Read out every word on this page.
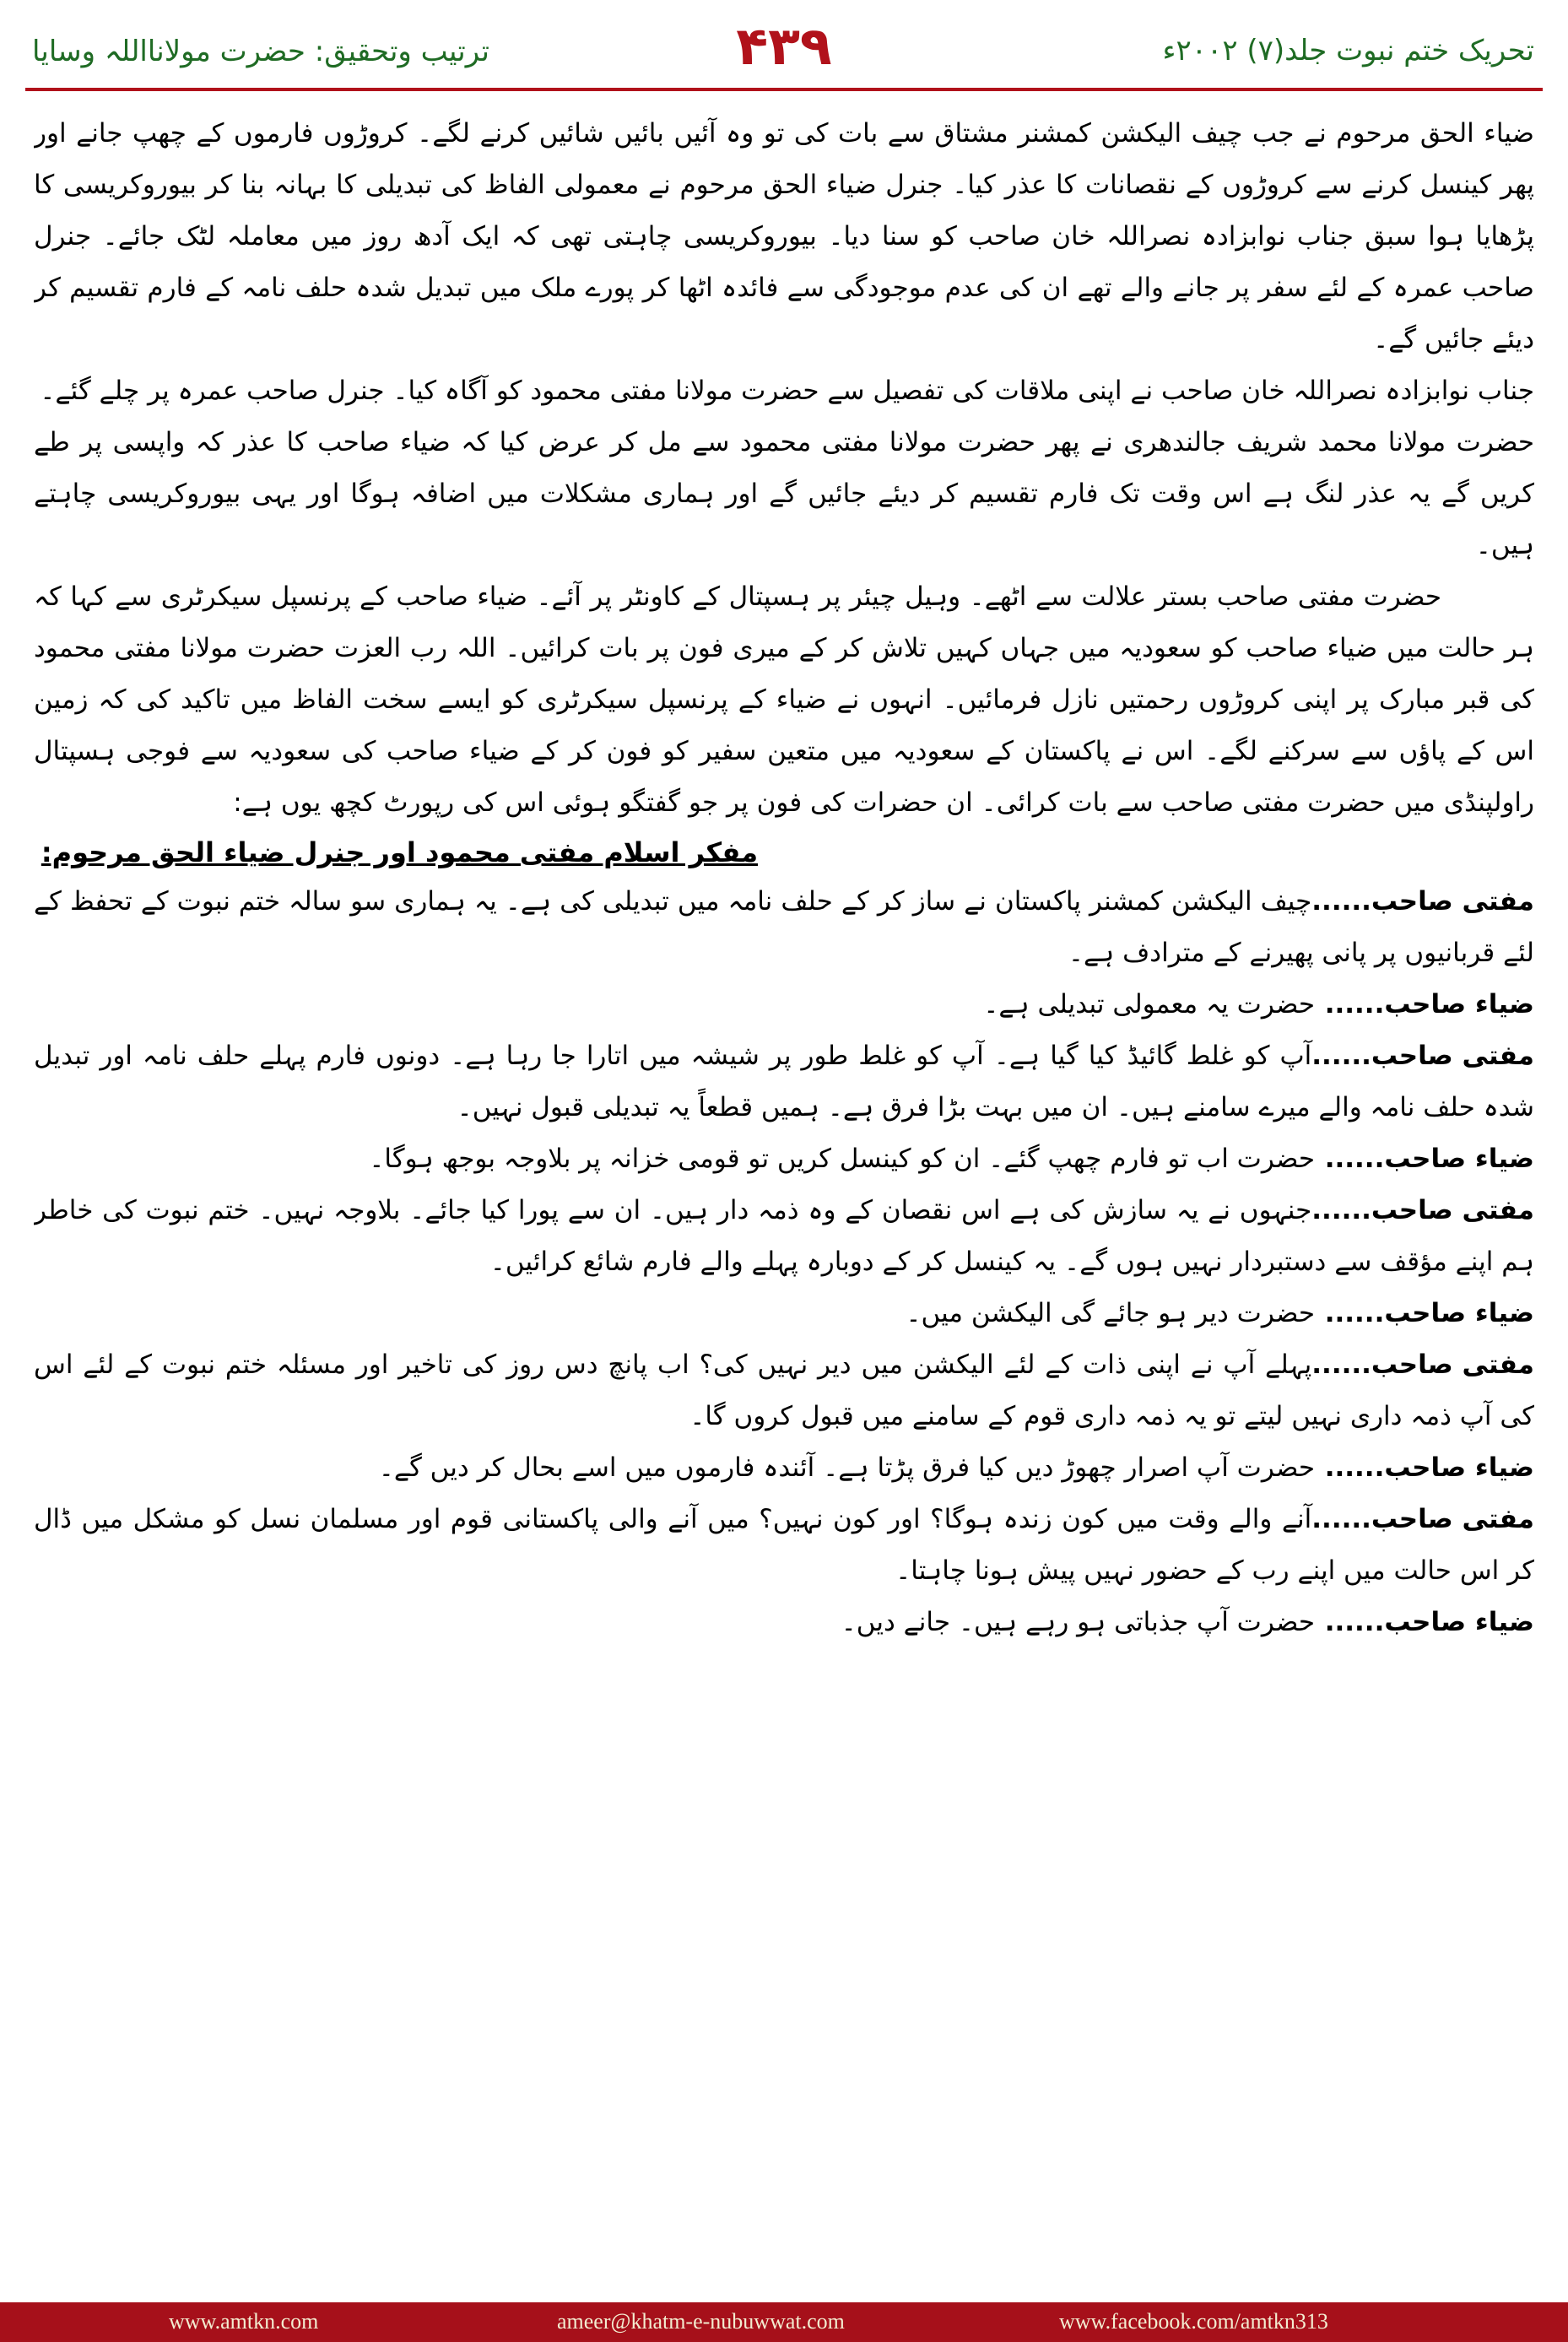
تحریک ختم نبوت جلد(۷) ۲۰۰۲ء
۴۳۹
ترتیب وتحقیق: حضرت مولانااللہ وسایا

ضیاء الحق مرحوم نے جب چیف الیکشن کمشنر مشتاق سے بات کی تو وہ آئیں بائیں شائیں کرنے لگے۔ کروڑوں فارموں کے چھپ جانے اور پھر کینسل کرنے سے کروڑوں کے نقصانات کا عذر کیا۔ جنرل ضیاء الحق مرحوم نے معمولی الفاظ کی تبدیلی کا بہانہ بنا کر بیوروکریسی کا پڑھایا ہوا سبق جناب نوابزادہ نصراللہ خان صاحب کو سنا دیا۔ بیوروکریسی چاہتی تھی کہ ایک آدھ روز میں معاملہ لٹک جائے۔ جنرل صاحب عمرہ کے لئے سفر پر جانے والے تھے ان کی عدم موجودگی سے فائدہ اٹھا کر پورے ملک میں تبدیل شدہ حلف نامہ کے فارم تقسیم کر دیئے جائیں گے۔

جناب نوابزادہ نصراللہ خان صاحب نے اپنی ملاقات کی تفصیل سے حضرت مولانا مفتی محمود کو آگاہ کیا۔ جنرل صاحب عمرہ پر چلے گئے۔

حضرت مولانا محمد شریف جالندھری نے پھر حضرت مولانا مفتی محمود سے مل کر عرض کیا کہ ضیاء صاحب کا عذر کہ واپسی پر طے کریں گے یہ عذر لنگ ہے اس وقت تک فارم تقسیم کر دیئے جائیں گے اور ہماری مشکلات میں اضافہ ہوگا اور یہی بیوروکریسی چاہتے ہیں۔

حضرت مفتی صاحب بستر علالت سے اٹھے۔ وہیل چیئر پر ہسپتال کے کاونٹر پر آئے۔ ضیاء صاحب کے پرنسپل سیکرٹری سے کہا کہ ہر حالت میں ضیاء صاحب کو سعودیہ میں جہاں کہیں تلاش کر کے میری فون پر بات کرائیں۔ اللہ رب العزت حضرت مولانا مفتی محمود کی قبر مبارک پر اپنی کروڑوں رحمتیں نازل فرمائیں۔ انہوں نے ضیاء کے پرنسپل سیکرٹری کو ایسے سخت الفاظ میں تاکید کی کہ زمین اس کے پاؤں سے سرکنے لگے۔ اس نے پاکستان کے سعودیہ میں متعین سفیر کو فون کر کے ضیاء صاحب کی سعودیہ سے فوجی ہسپتال راولپنڈی میں حضرت مفتی صاحب سے بات کرائی۔ ان حضرات کی فون پر جو گفتگو ہوئی اس کی رپورٹ کچھ یوں ہے:

مفکر اسلام مفتی محمود اور جنرل ضیاء الحق مرحوم:

مفتی صاحب......چیف الیکشن کمشنر پاکستان نے ساز کر کے حلف نامہ میں تبدیلی کی ہے۔ یہ ہماری سو سالہ ختم نبوت کے تحفظ کے لئے قربانیوں پر پانی پھیرنے کے مترادف ہے۔

ضیاء صاحب......حضرت یہ معمولی تبدیلی ہے۔

مفتی صاحب......آپ کو غلط گائیڈ کیا گیا ہے۔ آپ کو غلط طور پر شیشہ میں اتارا جا رہا ہے۔ دونوں فارم پہلے حلف نامہ اور تبدیل شدہ حلف نامہ والے میرے سامنے ہیں۔ ان میں بہت بڑا فرق ہے۔ ہمیں قطعاً یہ تبدیلی قبول نہیں۔

ضیاء صاحب......حضرت اب تو فارم چھپ گئے۔ ان کو کینسل کریں تو قومی خزانہ پر بلاوجہ بوجھ ہوگا۔

مفتی صاحب......جنہوں نے یہ سازش کی ہے اس نقصان کے وہ ذمہ دار ہیں۔ ان سے پورا کیا جائے۔ بلاوجہ نہیں۔ ختم نبوت کی خاطر ہم اپنے مؤقف سے دستبردار نہیں ہوں گے۔ یہ کینسل کر کے دوبارہ پہلے والے فارم شائع کرائیں۔

ضیاء صاحب......حضرت دیر ہو جائے گی الیکشن میں۔

مفتی صاحب......پہلے آپ نے اپنی ذات کے لئے الیکشن میں دیر نہیں کی؟ اب پانچ دس روز کی تاخیر اور مسئلہ ختم نبوت کے لئے اس کی آپ ذمہ داری نہیں لیتے تو یہ ذمہ داری قوم کے سامنے میں قبول کروں گا۔

ضیاء صاحب......حضرت آپ اصرار چھوڑ دیں کیا فرق پڑتا ہے۔ آئندہ فارموں میں اسے بحال کر دیں گے۔

مفتی صاحب......آنے والے وقت میں کون زندہ ہوگا؟ اور کون نہیں؟ میں آنے والی پاکستانی قوم اور مسلمان نسل کو مشکل میں ڈال کر اس حالت میں اپنے رب کے حضور نہیں پیش ہونا چاہتا۔

ضیاء صاحب......حضرت آپ جذباتی ہو رہے ہیں۔ جانے دیں۔

www.amtkn.com	ameer@khatm-e-nubuwwat.com	www.facebook.com/amtkn313
